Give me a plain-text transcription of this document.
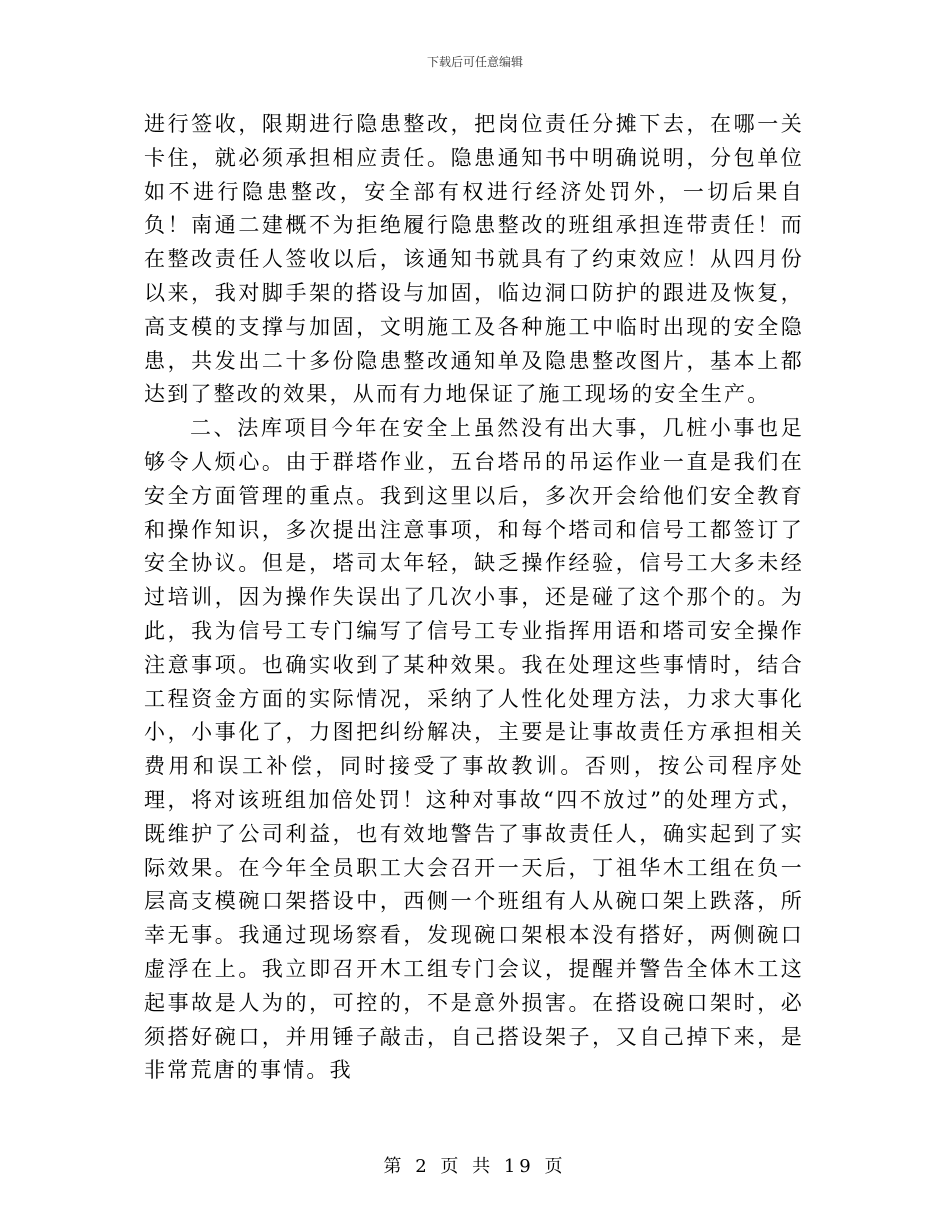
下载后可任意编辑

进行签收，限期进行隐患整改，把岗位责任分摊下去，在哪一关卡住，就必须承担相应责任。隐患通知书中明确说明，分包单位如不进行隐患整改，安全部有权进行经济处罚外，一切后果自负！南通二建概不为拒绝履行隐患整改的班组承担连带责任！而在整改责任人签收以后，该通知书就具有了约束效应！从四月份以来，我对脚手架的搭设与加固，临边洞口防护的跟进及恢复，高支模的支撑与加固，文明施工及各种施工中临时出现的安全隐患，共发出二十多份隐患整改通知单及隐患整改图片，基本上都达到了整改的效果，从而有力地保证了施工现场的安全生产。

二、法库项目今年在安全上虽然没有出大事，几桩小事也足够令人烦心。由于群塔作业，五台塔吊的吊运作业一直是我们在安全方面管理的重点。我到这里以后，多次开会给他们安全教育和操作知识，多次提出注意事项，和每个塔司和信号工都签订了安全协议。但是，塔司太年轻，缺乏操作经验，信号工大多未经过培训，因为操作失误出了几次小事，还是碰了这个那个的。为此，我为信号工专门编写了信号工专业指挥用语和塔司安全操作注意事项。也确实收到了某种效果。我在处理这些事情时，结合工程资金方面的实际情况，采纳了人性化处理方法，力求大事化小，小事化了，力图把纠纷解决，主要是让事故责任方承担相关费用和误工补偿，同时接受了事故教训。否则，按公司程序处理，将对该班组加倍处罚！这种对事故“四不放过”的处理方式，既维护了公司利益，也有效地警告了事故责任人，确实起到了实际效果。在今年全员职工大会召开一天后，丁祖华木工组在负一层高支模碗口架搭设中，西侧一个班组有人从碗口架上跌落，所幸无事。我通过现场察看，发现碗口架根本没有搭好，两侧碗口虚浮在上。我立即召开木工组专门会议，提醒并警告全体木工这起事故是人为的，可控的，不是意外损害。在搭设碗口架时，必须搭好碗口，并用锤子敲击，自己搭设架子，又自己掉下来，是非常荒唐的事情。我

第 2 页 共 19 页
